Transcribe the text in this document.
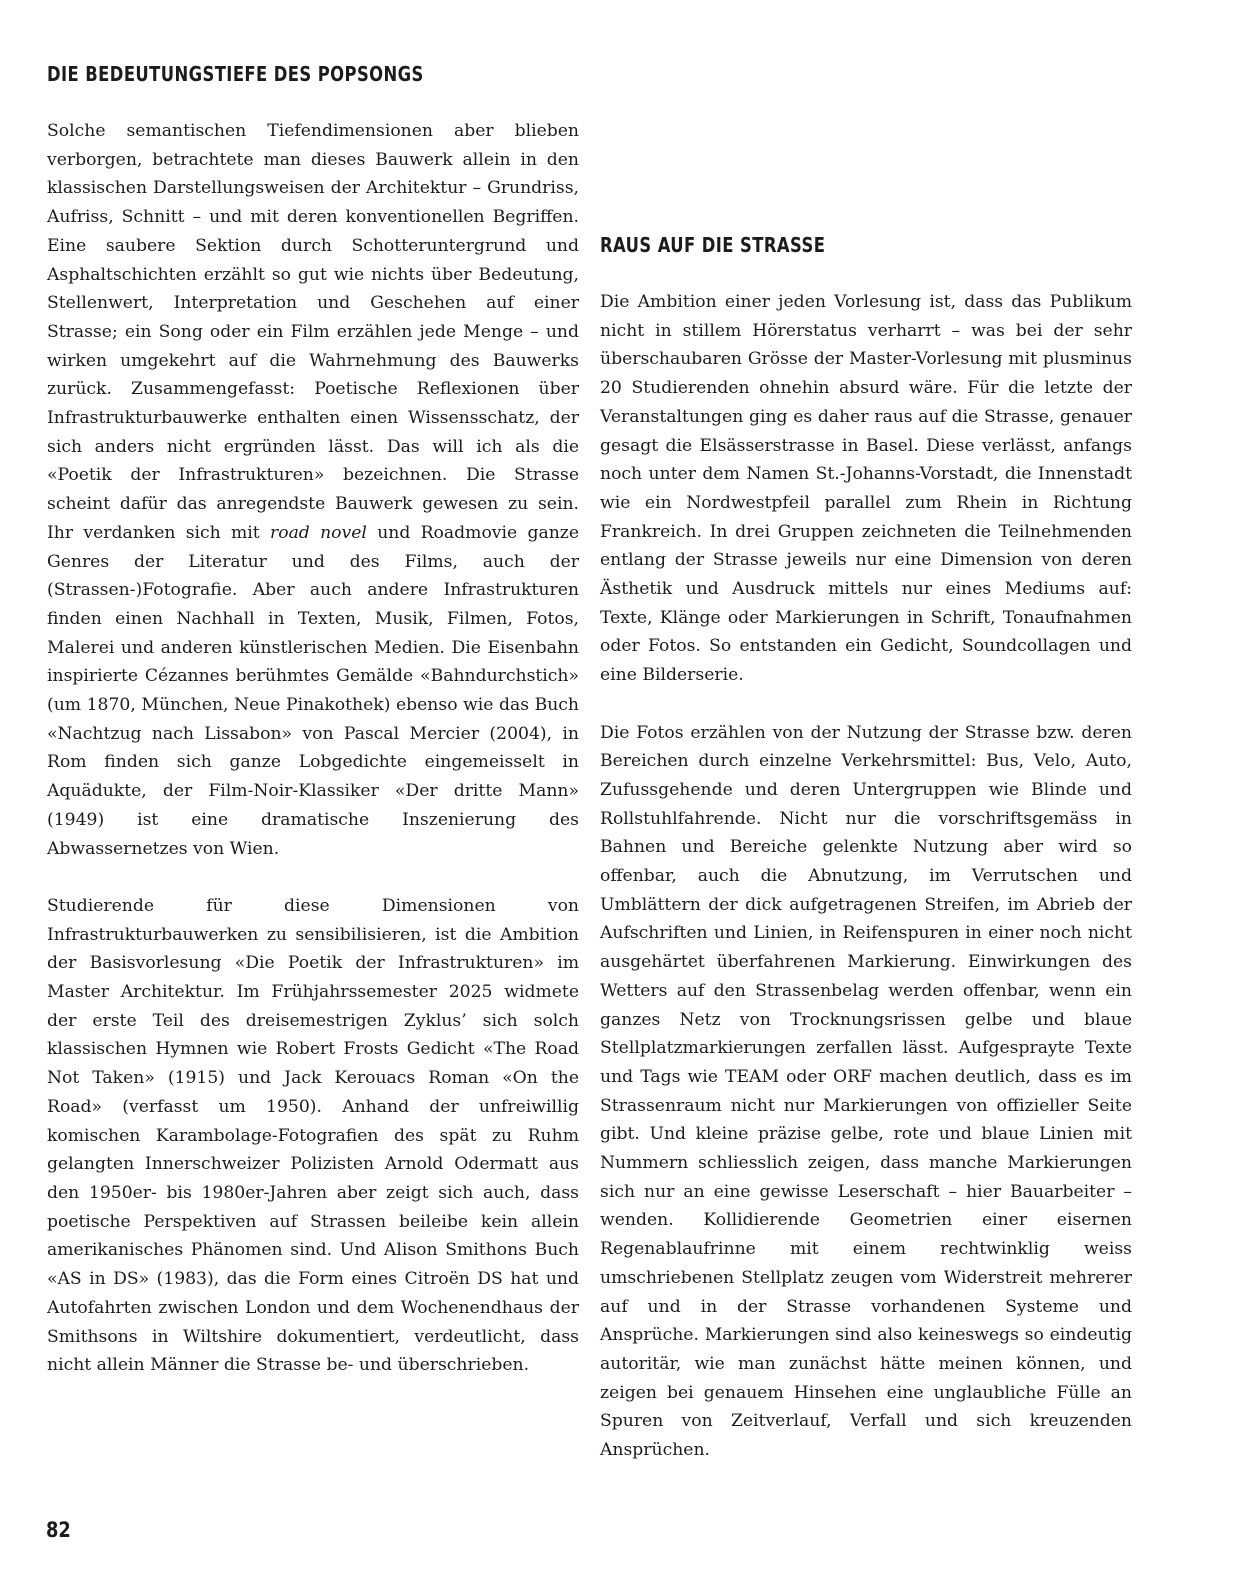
DIE BEDEUTUNGSTIEFE DES POPSONGS

Solche semantischen Tiefendimensionen aber blieben verborgen, betrachtete man dieses Bauwerk allein in den klassischen Darstellungsweisen der Architektur – Grundriss, Aufriss, Schnitt – und mit deren konventionellen Begriffen. Eine saubere Sektion durch Schotteruntergrund und Asphaltschichten erzählt so gut wie nichts über Bedeutung, Stellenwert, Interpretation und Geschehen auf einer Strasse; ein Song oder ein Film erzählen jede Menge – und wirken umgekehrt auf die Wahrnehmung des Bauwerks zurück. Zusammengefasst: Poetische Reflexionen über Infrastrukturbauwerke enthalten einen Wissensschatz, der sich anders nicht ergründen lässt. Das will ich als die «Poetik der Infrastrukturen» bezeichnen. Die Strasse scheint dafür das anregendste Bauwerk gewesen zu sein. Ihr verdanken sich mit road novel und Roadmovie ganze Genres der Literatur und des Films, auch der (Strassen-)Fotografie. Aber auch andere Infrastrukturen finden einen Nachhall in Texten, Musik, Filmen, Fotos, Malerei und anderen künstlerischen Medien. Die Eisenbahn inspirierte Cézannes berühmtes Gemälde «Bahndurchstich» (um 1870, München, Neue Pinakothek) ebenso wie das Buch «Nachtzug nach Lissabon» von Pascal Mercier (2004), in Rom finden sich ganze Lobgedichte eingemeisselt in Aquädukte, der Film-Noir-Klassiker «Der dritte Mann» (1949) ist eine dramatische Inszenierung des Abwassernetzes von Wien.

Studierende für diese Dimensionen von Infrastrukturbauwerken zu sensibilisieren, ist die Ambition der Basisvorlesung «Die Poetik der Infrastrukturen» im Master Architektur. Im Frühjahrssemester 2025 widmete der erste Teil des dreisemestrigen Zyklus’ sich solch klassischen Hymnen wie Robert Frosts Gedicht «The Road Not Taken» (1915) und Jack Kerouacs Roman «On the Road» (verfasst um 1950). Anhand der unfreiwillig komischen Karambolage-Fotografien des spät zu Ruhm gelangten Innerschweizer Polizisten Arnold Odermatt aus den 1950er- bis 1980er-Jahren aber zeigt sich auch, dass poetische Perspektiven auf Strassen beileibe kein allein amerikanisches Phänomen sind. Und Alison Smithons Buch «AS in DS» (1983), das die Form eines Citroën DS hat und Autofahrten zwischen London und dem Wochenendhaus der Smithsons in Wiltshire dokumentiert, verdeutlicht, dass nicht allein Männer die Strasse be- und überschrieben.

RAUS AUF DIE STRASSE

Die Ambition einer jeden Vorlesung ist, dass das Publikum nicht in stillem Hörerstatus verharrt – was bei der sehr überschaubaren Grösse der Master-Vorlesung mit plusminus 20 Studierenden ohnehin absurd wäre. Für die letzte der Veranstaltungen ging es daher raus auf die Strasse, genauer gesagt die Elsässerstrasse in Basel. Diese verlässt, anfangs noch unter dem Namen St.-Johanns-Vorstadt, die Innenstadt wie ein Nordwestpfeil parallel zum Rhein in Richtung Frankreich. In drei Gruppen zeichneten die Teilnehmenden entlang der Strasse jeweils nur eine Dimension von deren Ästhetik und Ausdruck mittels nur eines Mediums auf: Texte, Klänge oder Markierungen in Schrift, Tonaufnahmen oder Fotos. So entstanden ein Gedicht, Soundcollagen und eine Bilderserie.

Die Fotos erzählen von der Nutzung der Strasse bzw. deren Bereichen durch einzelne Verkehrsmittel: Bus, Velo, Auto, Zufussgehende und deren Untergruppen wie Blinde und Rollstuhlfahrende. Nicht nur die vorschriftsgemäss in Bahnen und Bereiche gelenkte Nutzung aber wird so offenbar, auch die Abnutzung, im Verrutschen und Umblättern der dick aufgetragenen Streifen, im Abrieb der Aufschriften und Linien, in Reifenspuren in einer noch nicht ausgehärtet überfahrenen Markierung. Einwirkungen des Wetters auf den Strassenbelag werden offenbar, wenn ein ganzes Netz von Trocknungsrissen gelbe und blaue Stellplatzmarkierungen zerfallen lässt. Aufgesprayte Texte und Tags wie TEAM oder ORF machen deutlich, dass es im Strassenraum nicht nur Markierungen von offizieller Seite gibt. Und kleine präzise gelbe, rote und blaue Linien mit Nummern schliesslich zeigen, dass manche Markierungen sich nur an eine gewisse Leserschaft – hier Bauarbeiter – wenden. Kollidierende Geometrien einer eisernen Regenablaufrinne mit einem rechtwinklig weiss umschriebenen Stellplatz zeugen vom Widerstreit mehrerer auf und in der Strasse vorhandenen Systeme und Ansprüche. Markierungen sind also keineswegs so eindeutig autoritär, wie man zunächst hätte meinen können, und zeigen bei genauem Hinsehen eine unglaubliche Fülle an Spuren von Zeitverlauf, Verfall und sich kreuzenden Ansprüchen.

82
